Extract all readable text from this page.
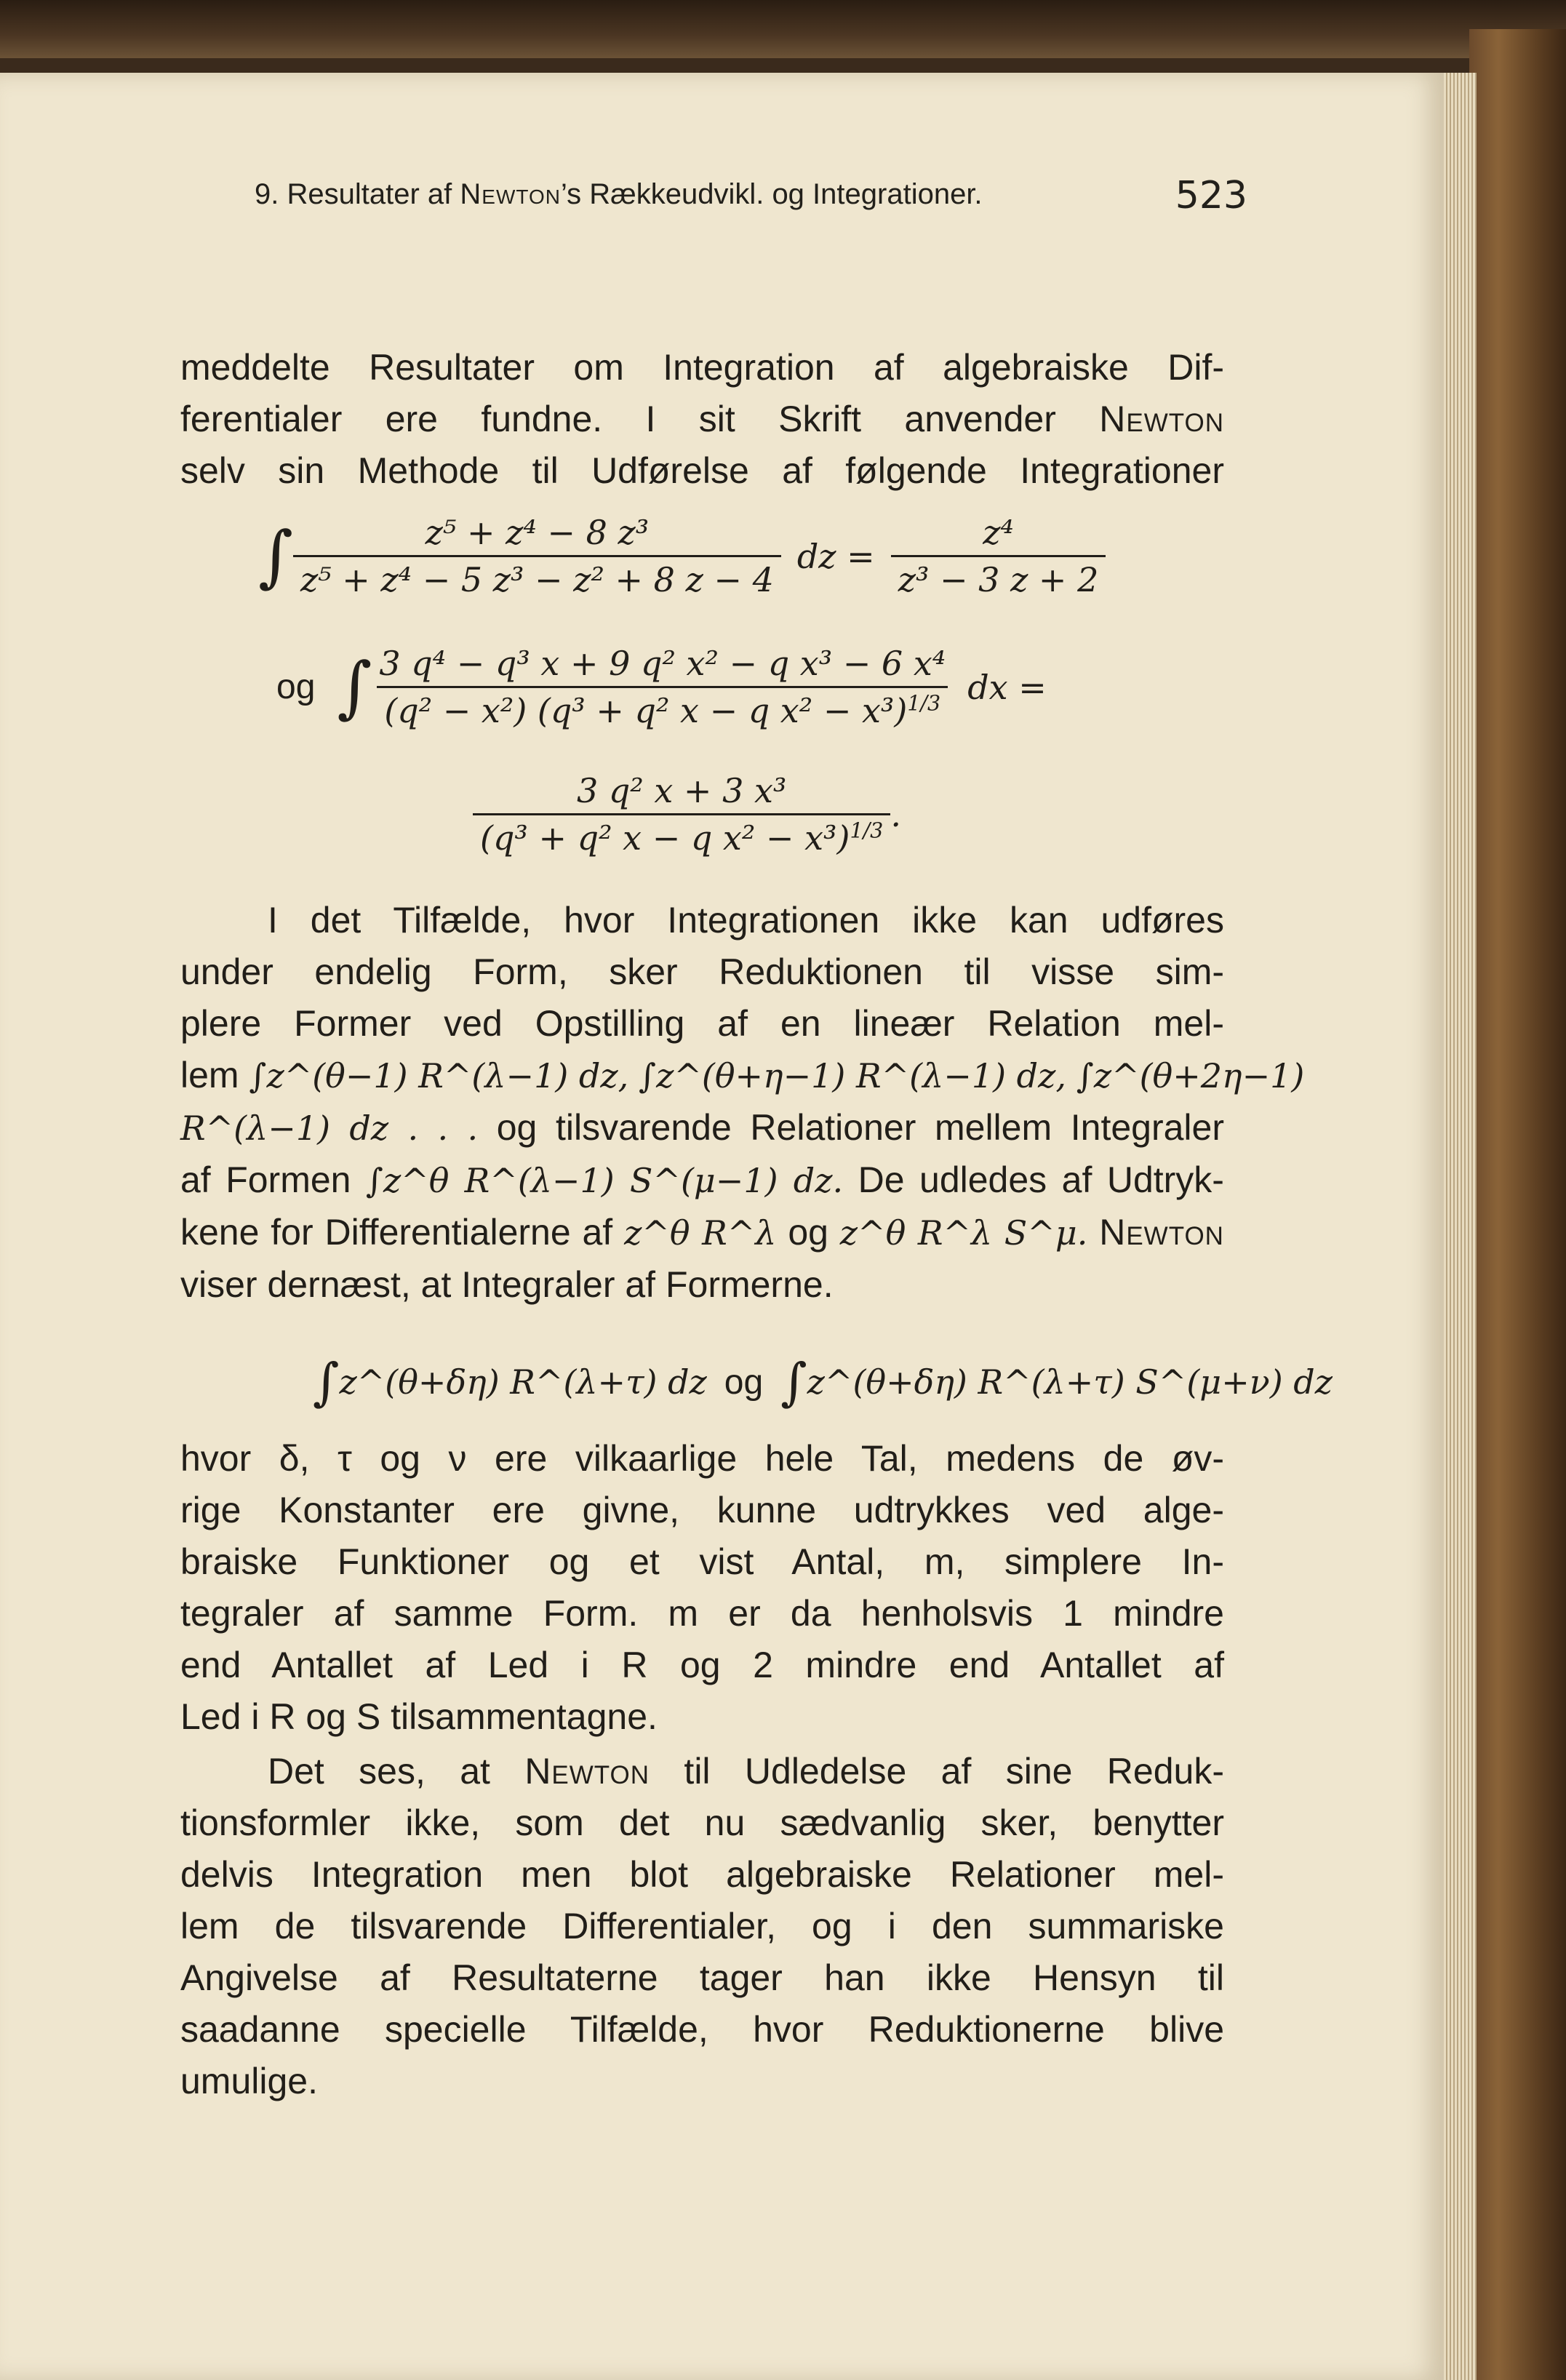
9. Resultater af Newton’s Rækkeudvikl. og Integrationer.	523
meddelte Resultater om Integration af algebraiske Dif-
ferentialer ere fundne. I sit Skrift anvender Newton
selv sin Methode til Udførelse af følgende Integrationer
∫ $\frac{\text{z⁵ + z⁴ − 8 z³}}{\text{z⁵ + z⁴ − 5 z³ − z² + 8 z − 4}}$ dz = $\frac{\text{z⁴}}{\text{z³ − 3 z + 2}}$
og ∫ $\frac{\text{3 q⁴ − q³ x + 9 q² x² − q x³ − 6 x⁴}}{(q^2 - x^2) (q^3 + q^2 x - q x^2 - x^3)^{1/3}}$ dx =
$\frac{\text{3 q² x + 3 x³}}{(q^3 + q^2 x - q x^2 - x^3)^{1/3}}$ .
I det Tilfælde, hvor Integrationen ikke kan udføres
under endelig Form, sker Reduktionen til visse sim-
plere Former ved Opstilling af en lineær Relation mel-
lem ∫z^(θ−1) R^(λ−1) dz, ∫z^(θ+η−1) R^(λ−1) dz, ∫z^(θ+2η−1)
R^(λ−1) dz . . . og tilsvarende Relationer mellem Integraler
af Formen ∫z^θ R^(λ−1) S^(μ−1) dz. De udledes af Udtryk-
kene for Differentialerne af z^θ R^λ og z^θ R^λ S^μ. Newton
viser dernæst, at Integraler af Formerne.
∫ z^(θ+δη) R^(λ+τ) dz og ∫ z^(θ+δη) R^(λ+τ) S^(μ+ν) dz
hvor δ, τ og ν ere vilkaarlige hele Tal, medens de øv-
rige Konstanter ere givne, kunne udtrykkes ved alge-
braiske Funktioner og et vist Antal, m, simplere In-
tegraler af samme Form. m er da henholsvis 1 mindre
end Antallet af Led i R og 2 mindre end Antallet af
Led i R og S tilsammentagne.
Det ses, at Newton til Udledelse af sine Reduk-
tionsformler ikke, som det nu sædvanlig sker, benytter
delvis Integration men blot algebraiske Relationer mel-
lem de tilsvarende Differentialer, og i den summariske
Angivelse af Resultaterne tager han ikke Hensyn til
saadanne specielle Tilfælde, hvor Reduktionerne blive
umulige.
